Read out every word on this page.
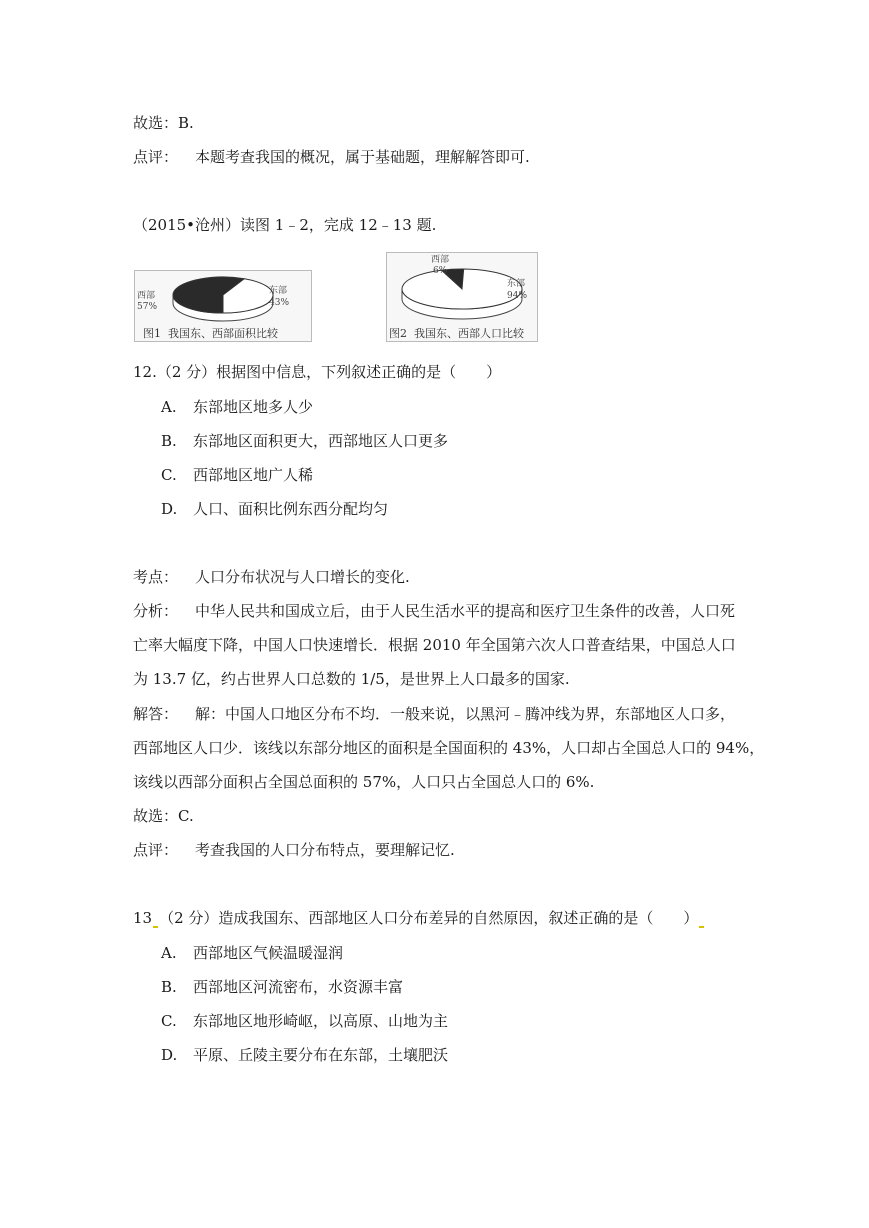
故选：B.
点评： 本题考查我国的概况，属于基础题，理解解答即可.
（2015•沧州）读图 1﹣2，完成 12﹣13 题.
西部
57%
东部
43%
图1 我国东、西部面积比较
西部
6%
东部
94%
图2 我国东、西部人口比较
12.（2 分）根据图中信息，下列叙述正确的是（　　）
A. 东部地区地多人少
B. 东部地区面积更大，西部地区人口更多
C. 西部地区地广人稀
D. 人口、面积比例东西分配均匀
考点： 人口分布状况与人口增长的变化.
分析： 中华人民共和国成立后，由于人民生活水平的提高和医疗卫生条件的改善，人口死
亡率大幅度下降，中国人口快速增长．根据 2010 年全国第六次人口普查结果，中国总人口
为 13.7 亿，约占世界人口总数的 1/5，是世界上人口最多的国家.
解答： 解：中国人口地区分布不均．一般来说，以黑河﹣腾冲线为界，东部地区人口多，
西部地区人口少．该线以东部分地区的面积是全国面积的 43%，人口却占全国总人口的 94%，
该线以西部分面积占全国总面积的 57%，人口只占全国总人口的 6%.
故选：C.
点评： 考查我国的人口分布特点，要理解记忆.
13 （2 分）造成我国东、西部地区人口分布差异的自然原因，叙述正确的是（　　）
A. 西部地区气候温暖湿润
B. 西部地区河流密布，水资源丰富
C. 东部地区地形崎岖，以高原、山地为主
D. 平原、丘陵主要分布在东部，土壤肥沃
